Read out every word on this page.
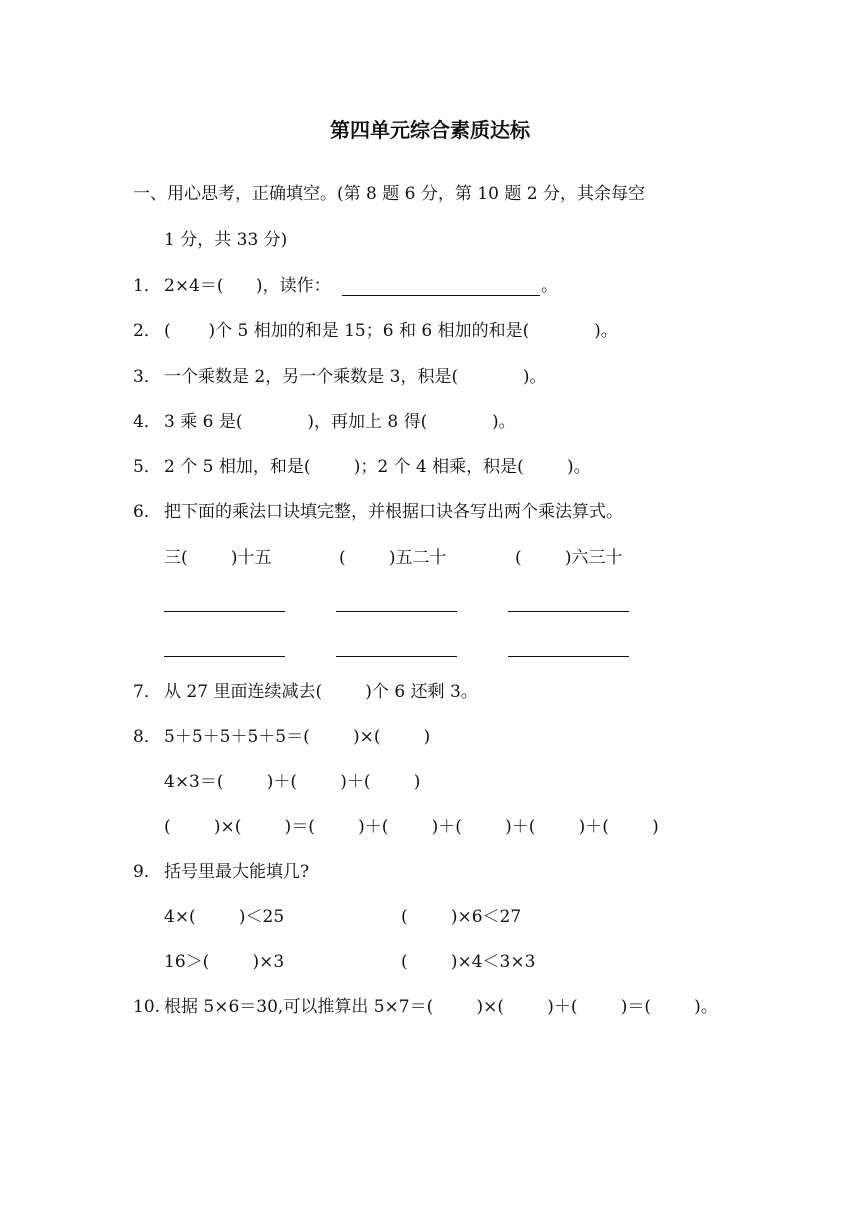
第四单元综合素质达标
一、用心思考，正确填空。(第 8 题 6 分，第 10 题 2 分，其余每空
1 分，共 33 分)
1． 2×4＝(      )，读作：	。
2． (       )个 5 相加的和是 15；6 和 6 相加的和是(            )。
3． 一个乘数是 2，另一个乘数是 3，积是(            )。
4． 3 乘 6 是(            )，再加上 8 得(            )。
5． 2 个 5 相加，和是(        )；2 个 4 相乘，积是(        )。
6． 把下面的乘法口诀填完整，并根据口诀各写出两个乘法算式。
三(        )十五	(        )五二十	(        )六三十
7． 从 27 里面连续减去(        )个 6 还剩 3。
8． 5＋5＋5＋5＋5＝(        )×(        )
4×3＝(        )＋(        )＋(        )
(        )×(        )＝(        )＋(        )＋(        )＋(        )＋(        )
9． 括号里最大能填几?
4×(        )＜25	(        )×6＜27
16＞(        )×3	(        )×4＜3×3
10. 根据 5×6＝30,可以推算出 5×7＝(        )×(        )＋(        )＝(        )。
